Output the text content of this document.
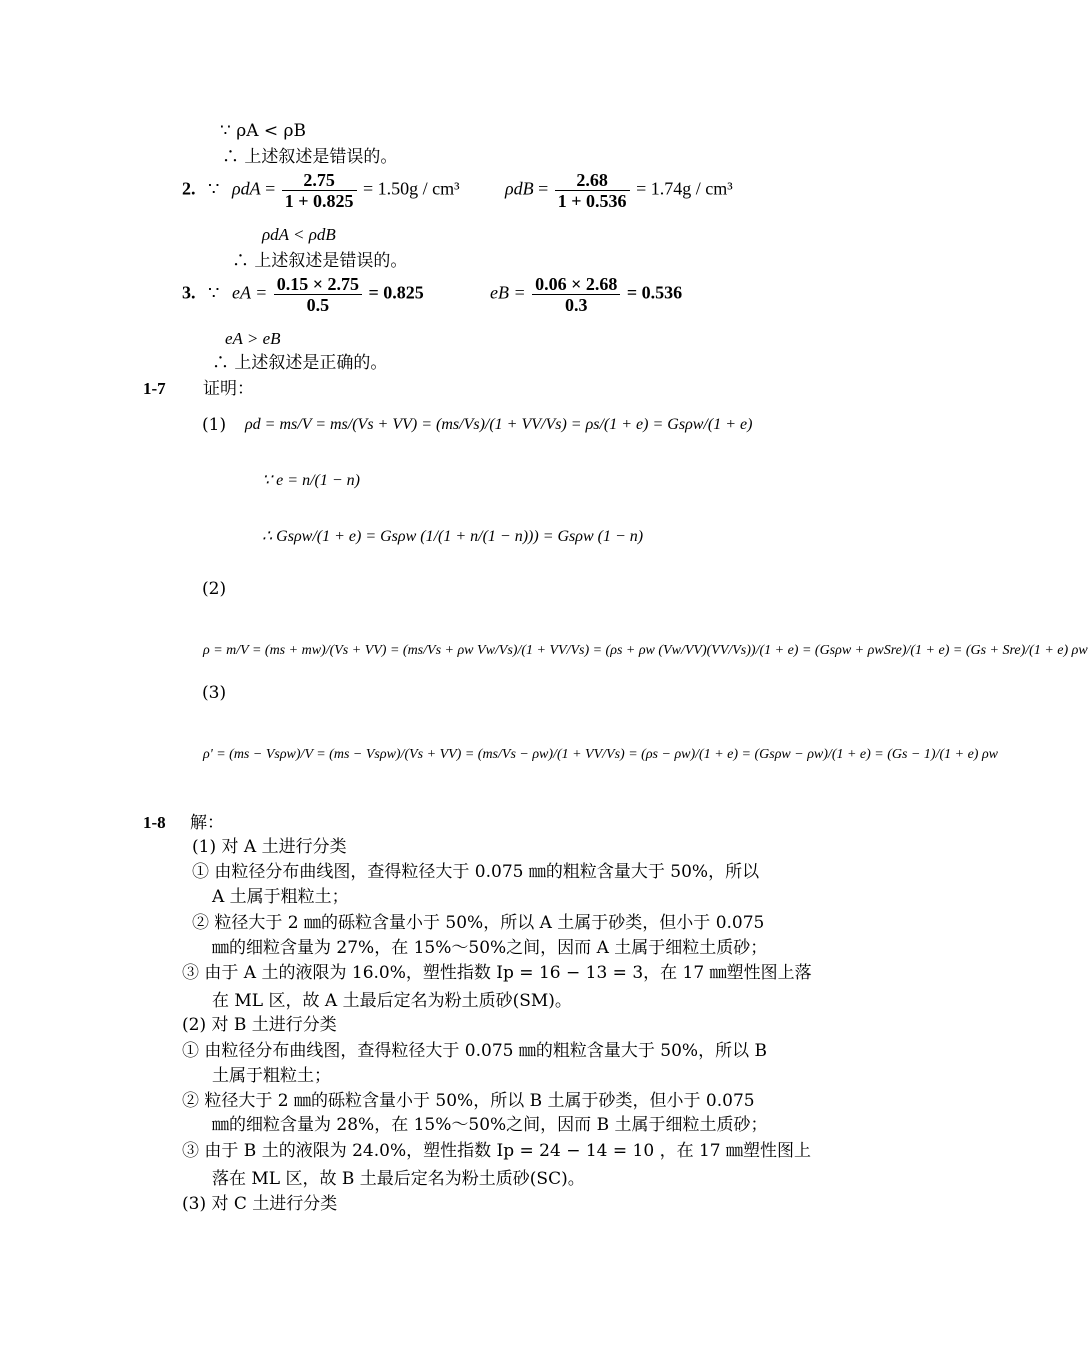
∵ ρA < ρB
∴ 上述叙述是错误的。
2. ∵ $\rho dA = \frac{2.75}{1 + 0.825} = 1.50g / cm^3$	$\rho dB = \frac{2.68}{1 + 0.536} = 1.74g / cm^3$
ρdA < ρdB
∴ 上述叙述是错误的。
3. ∵ eA = $\frac{0.15 \times 2.75}{0.5} = 0.825$	eB = $\frac{0.06 \times 2.68}{0.3} = 0.536$
eA > eB
∴ 上述叙述是正确的。
1-7 证明：
(1) ρd = ms/V = ms/(Vs + VV) = (ms/Vs)/(1 + VV/Vs) = ρs/(1 + e) = Gsρw/(1 + e)
∵ e = n/(1 − n)
∴ Gsρw/(1 + e) = Gsρw (1/(1 + n/(1 − n))) = Gsρw (1 − n)
(2)
ρ = m/V = (ms + mw)/(Vs + VV) = (ms/Vs + ρw Vw/Vs)/(1 + VV/Vs) = (ρs + ρw (Vw/VV)(VV/Vs))/(1 + e) = (Gsρw + ρwSre)/(1 + e) = (Gs + Sre)/(1 + e) ρw
(3)
ρ' = (ms − Vsρw)/V = (ms − Vsρw)/(Vs + VV) = (ms/Vs − ρw)/(1 + VV/Vs) = (ρs − ρw)/(1 + e) = (Gsρw − ρw)/(1 + e) = (Gs − 1)/(1 + e) ρw
1-8 解：
(1) 对 A 土进行分类
① 由粒径分布曲线图，查得粒径大于 0.075 ㎜的粗粒含量大于 50%，所以
A 土属于粗粒土；
② 粒径大于 2 ㎜的砾粒含量小于 50%，所以 A 土属于砂类，但小于 0.075
㎜的细粒含量为 27%，在 15%～50%之间，因而 A 土属于细粒土质砂；
③ 由于 A 土的液限为 16.0%，塑性指数 Ip = 16 − 13 = 3，在 17 ㎜塑性图上落
在 ML 区，故 A 土最后定名为粉土质砂(SM)。
(2) 对 B 土进行分类
① 由粒径分布曲线图，查得粒径大于 0.075 ㎜的粗粒含量大于 50%，所以 B
土属于粗粒土；
② 粒径大于 2 ㎜的砾粒含量小于 50%，所以 B 土属于砂类，但小于 0.075
㎜的细粒含量为 28%，在 15%～50%之间，因而 B 土属于细粒土质砂；
③ 由于 B 土的液限为 24.0%，塑性指数 Ip = 24 − 14 = 10 ，在 17 ㎜塑性图上
落在 ML 区，故 B 土最后定名为粉土质砂(SC)。
(3) 对 C 土进行分类
